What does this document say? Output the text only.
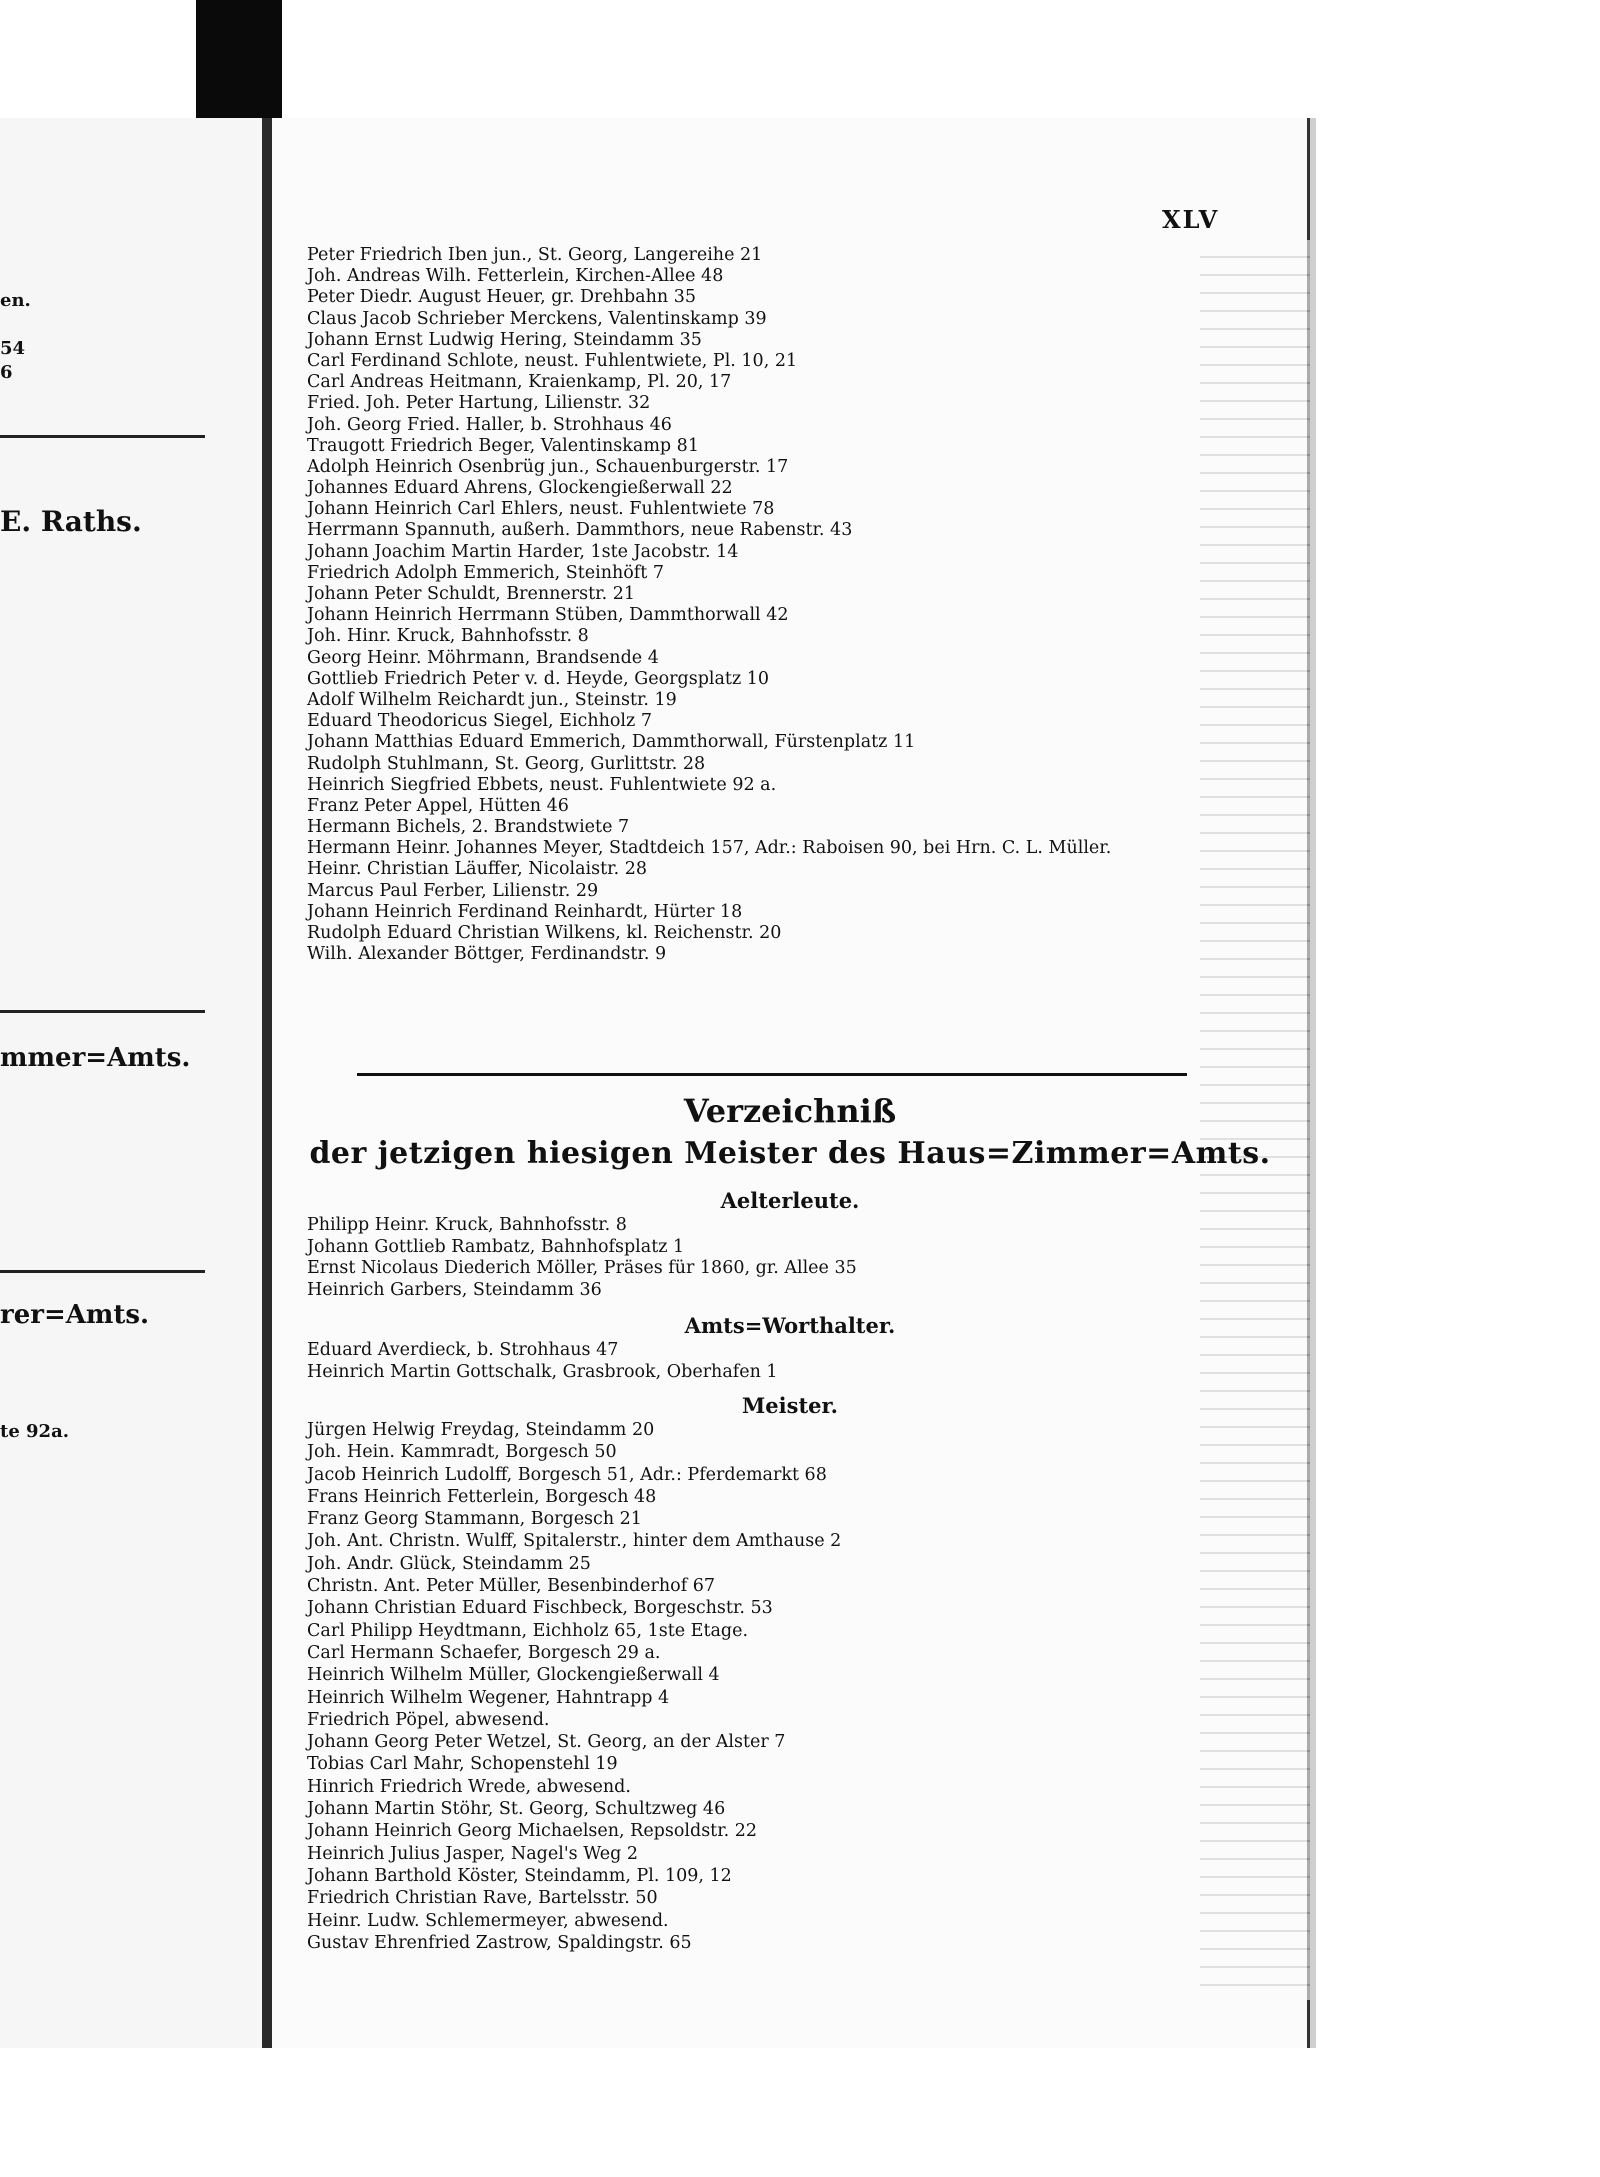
en.
54
6
E. Raths.
mmer=Amts.
rer=Amts.
te 92a.
XLV
Peter Friedrich Iben jun., St. Georg, Langereihe 21
Joh. Andreas Wilh. Fetterlein, Kirchen-Allee 48
Peter Diedr. August Heuer, gr. Drehbahn 35
Claus Jacob Schrieber Merckens, Valentinskamp 39
Johann Ernst Ludwig Hering, Steindamm 35
Carl Ferdinand Schlote, neust. Fuhlentwiete, Pl. 10, 21
Carl Andreas Heitmann, Kraienkamp, Pl. 20, 17
Fried. Joh. Peter Hartung, Lilienstr. 32
Joh. Georg Fried. Haller, b. Strohhaus 46
Traugott Friedrich Beger, Valentinskamp 81
Adolph Heinrich Osenbrüg jun., Schauenburgerstr. 17
Johannes Eduard Ahrens, Glockengießerwall 22
Johann Heinrich Carl Ehlers, neust. Fuhlentwiete 78
Herrmann Spannuth, außerh. Dammthors, neue Rabenstr. 43
Johann Joachim Martin Harder, 1ste Jacobstr. 14
Friedrich Adolph Emmerich, Steinhöft 7
Johann Peter Schuldt, Brennerstr. 21
Johann Heinrich Herrmann Stüben, Dammthorwall 42
Joh. Hinr. Kruck, Bahnhofsstr. 8
Georg Heinr. Möhrmann, Brandsende 4
Gottlieb Friedrich Peter v. d. Heyde, Georgsplatz 10
Adolf Wilhelm Reichardt jun., Steinstr. 19
Eduard Theodoricus Siegel, Eichholz 7
Johann Matthias Eduard Emmerich, Dammthorwall, Fürstenplatz 11
Rudolph Stuhlmann, St. Georg, Gurlittstr. 28
Heinrich Siegfried Ebbets, neust. Fuhlentwiete 92 a.
Franz Peter Appel, Hütten 46
Hermann Bichels, 2. Brandstwiete 7
Hermann Heinr. Johannes Meyer, Stadtdeich 157, Adr.: Raboisen 90, bei Hrn. C. L. Müller.
Heinr. Christian Läuffer, Nicolaistr. 28
Marcus Paul Ferber, Lilienstr. 29
Johann Heinrich Ferdinand Reinhardt, Hürter 18
Rudolph Eduard Christian Wilkens, kl. Reichenstr. 20
Wilh. Alexander Böttger, Ferdinandstr. 9
Verzeichniß
der jetzigen hiesigen Meister des Haus=Zimmer=Amts.
Aelterleute.
Philipp Heinr. Kruck, Bahnhofsstr. 8
Johann Gottlieb Rambatz, Bahnhofsplatz 1
Ernst Nicolaus Diederich Möller, Präses für 1860, gr. Allee 35
Heinrich Garbers, Steindamm 36
Amts=Worthalter.
Eduard Averdieck, b. Strohhaus 47
Heinrich Martin Gottschalk, Grasbrook, Oberhafen 1
Meister.
Jürgen Helwig Freydag, Steindamm 20
Joh. Hein. Kammradt, Borgesch 50
Jacob Heinrich Ludolff, Borgesch 51, Adr.: Pferdemarkt 68
Frans Heinrich Fetterlein, Borgesch 48
Franz Georg Stammann, Borgesch 21
Joh. Ant. Christn. Wulff, Spitalerstr., hinter dem Amthause 2
Joh. Andr. Glück, Steindamm 25
Christn. Ant. Peter Müller, Besenbinderhof 67
Johann Christian Eduard Fischbeck, Borgeschstr. 53
Carl Philipp Heydtmann, Eichholz 65, 1ste Etage.
Carl Hermann Schaefer, Borgesch 29 a.
Heinrich Wilhelm Müller, Glockengießerwall 4
Heinrich Wilhelm Wegener, Hahntrapp 4
Friedrich Pöpel, abwesend.
Johann Georg Peter Wetzel, St. Georg, an der Alster 7
Tobias Carl Mahr, Schopenstehl 19
Hinrich Friedrich Wrede, abwesend.
Johann Martin Stöhr, St. Georg, Schultzweg 46
Johann Heinrich Georg Michaelsen, Repsoldstr. 22
Heinrich Julius Jasper, Nagel's Weg 2
Johann Barthold Köster, Steindamm, Pl. 109, 12
Friedrich Christian Rave, Bartelsstr. 50
Heinr. Ludw. Schlemermeyer, abwesend.
Gustav Ehrenfried Zastrow, Spaldingstr. 65
